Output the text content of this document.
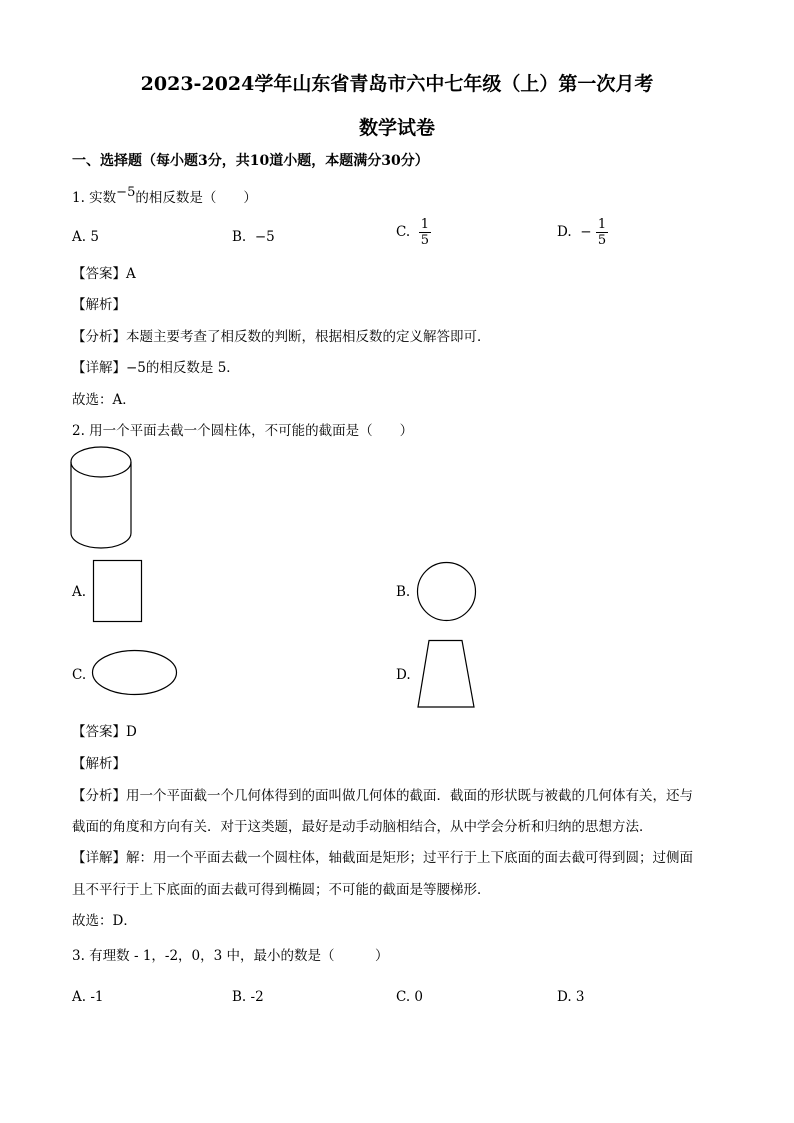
2023-2024学年山东省青岛市六中七年级（上）第一次月考
数学试卷
一、选择题（每小题3分，共10道小题，本题满分30分）
1. 实数−5的相反数是（　　）
A. 5	B. −5	C. $\frac{1}{5}$	D. − $\frac{1}{5}$
【答案】A
【解析】
【分析】本题主要考查了相反数的判断，根据相反数的定义解答即可．
【详解】−5的相反数是 5．
故选：A．
2. 用一个平面去截一个圆柱体，不可能的截面是（　　）
A.	B.
C.	D.
【答案】D
【解析】
【分析】用一个平面截一个几何体得到的面叫做几何体的截面．截面的形状既与被截的几何体有关，还与
截面的角度和方向有关．对于这类题，最好是动手动脑相结合，从中学会分析和归纳的思想方法．
【详解】解：用一个平面去截一个圆柱体，轴截面是矩形；过平行于上下底面的面去截可得到圆；过侧面
且不平行于上下底面的面去截可得到椭圆；不可能的截面是等腰梯形．
故选：D．
3. 有理数 - 1，-2，0，3 中，最小的数是（　　　）
A. -1	B. -2	C. 0	D. 3
